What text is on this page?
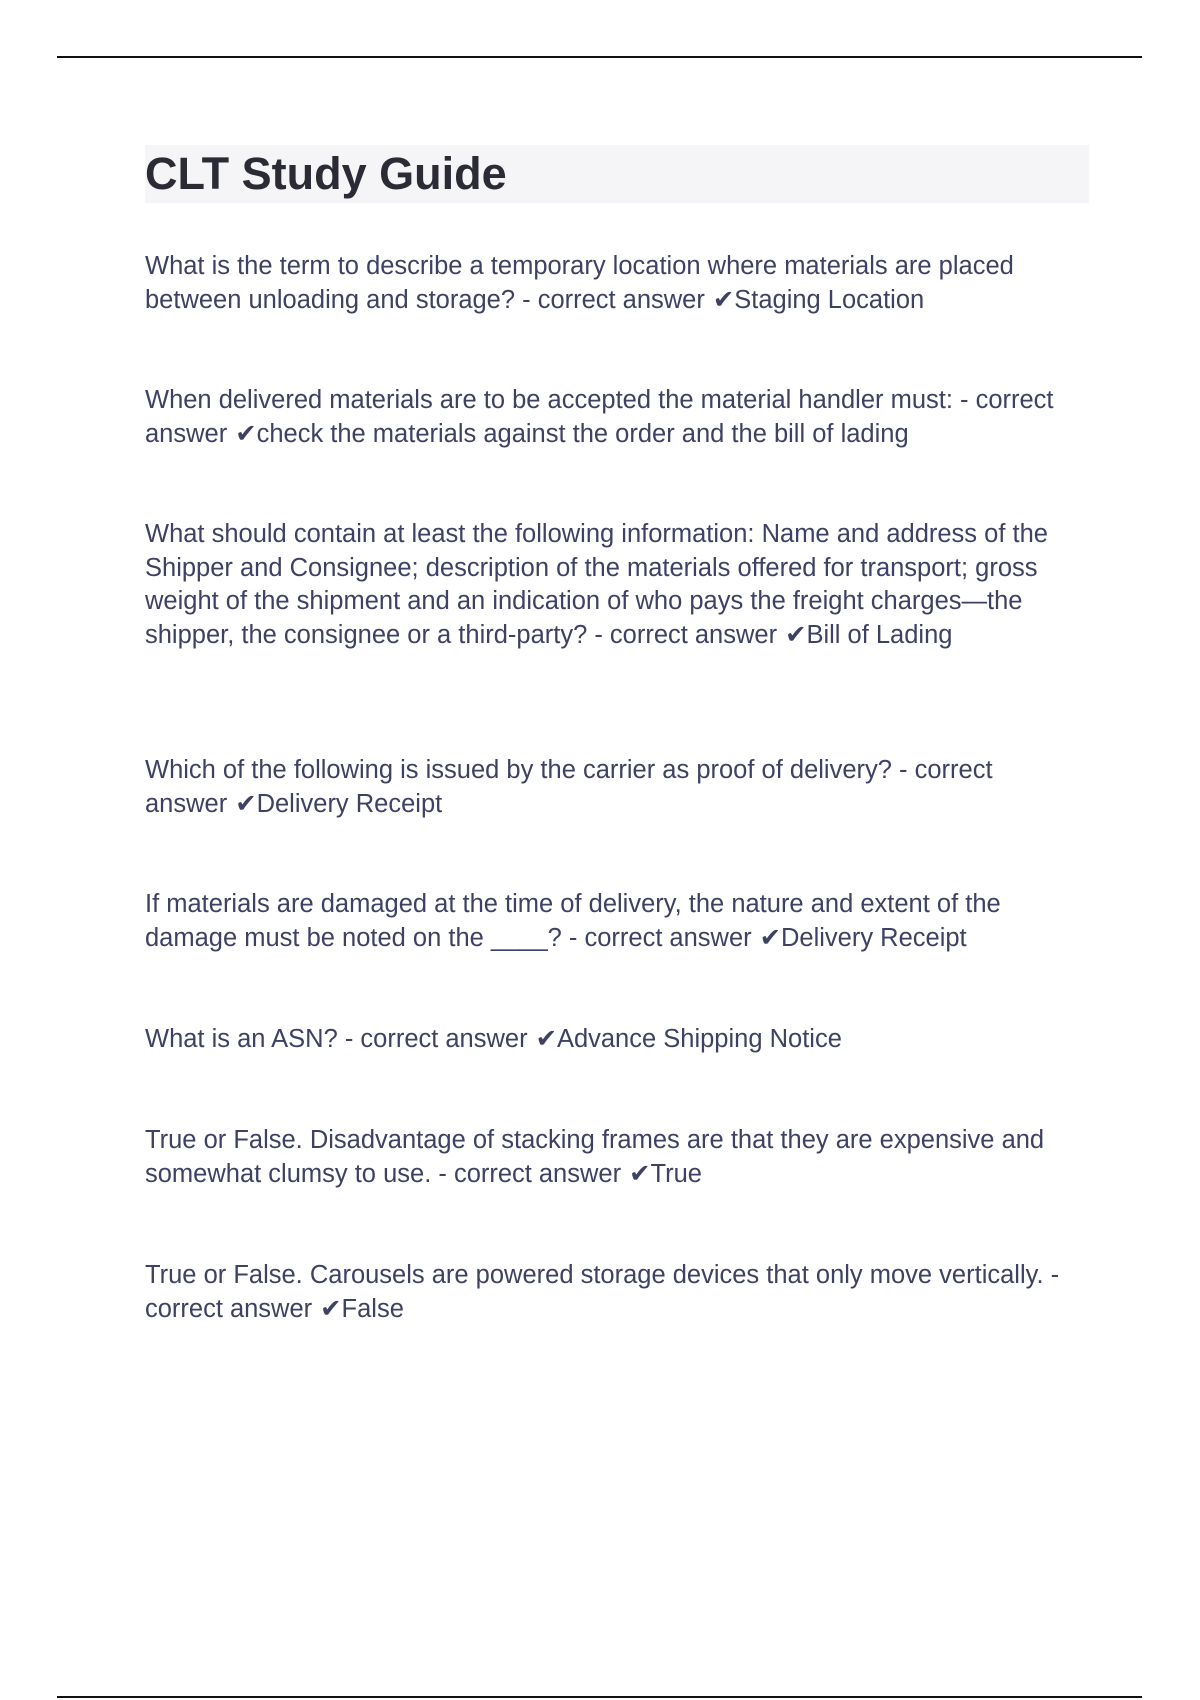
CLT Study Guide

What is the term to describe a temporary location where materials are placed between unloading and storage? - correct answer ✔Staging Location

When delivered materials are to be accepted the material handler must: - correctanswer ✔check the materials against the order and the bill of lading

What should contain at least the following information: Name and address of the Shipper and Consignee; description of the materials offered for transport; gross weight of the shipment and an indication of who pays the freight charges—the shipper, the consignee or a third-party? - correct answer ✔Bill of Lading

Which of the following is issued by the carrier as proof of delivery? - correctanswer ✔Delivery Receipt

If materials are damaged at the time of delivery, the nature and extent of the damage must be noted on the ____? - correct answer ✔Delivery Receipt

What is an ASN? - correct answer ✔Advance Shipping Notice

True or False. Disadvantage of stacking frames are that they are expensive and somewhat clumsy to use. - correct answer ✔True

True or False. Carousels are powered storage devices that only move vertically. - correct answer ✔False
